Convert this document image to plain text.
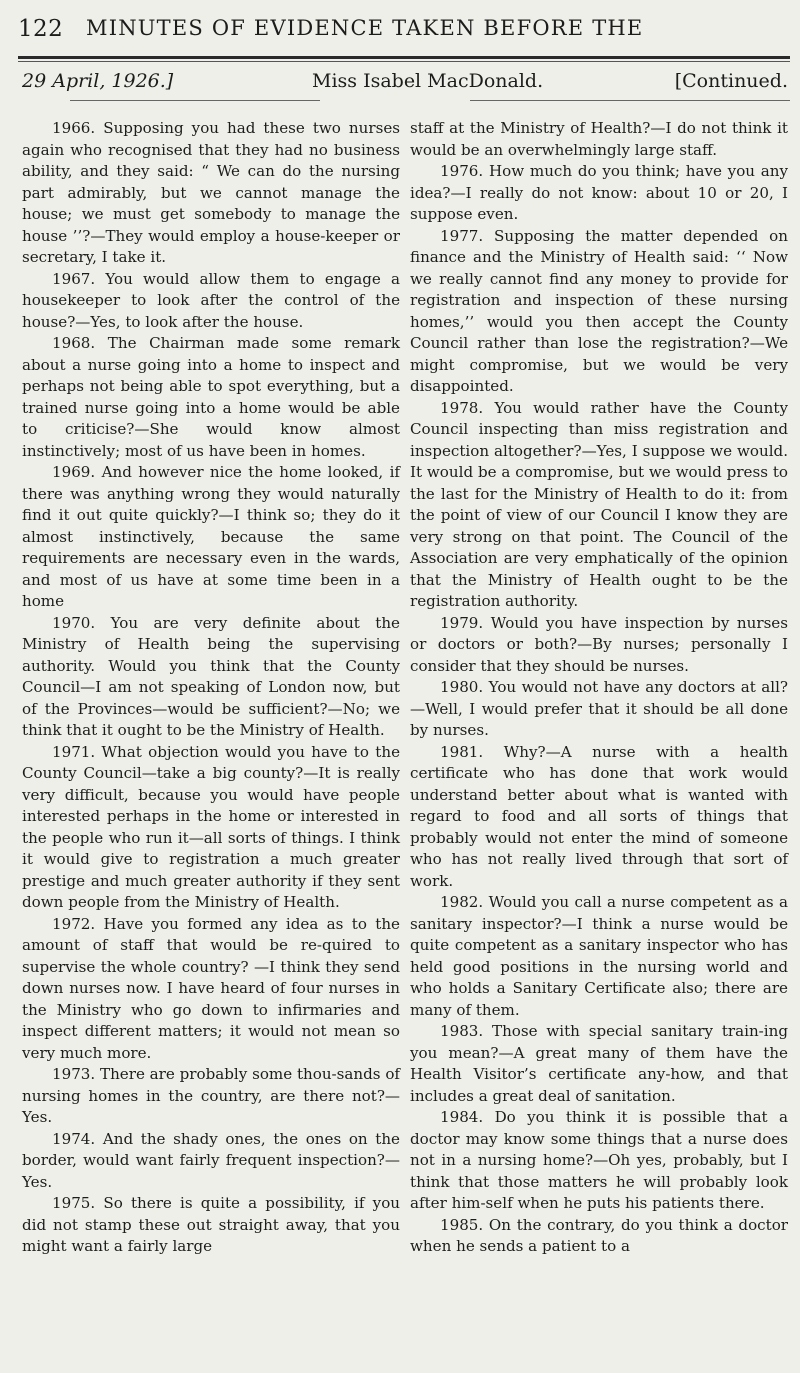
122 MINUTES OF EVIDENCE TAKEN BEFORE THE
29 April, 1926.]	Miss Isabel MacDonald.	[Continued.

1966. Supposing you had these two nurses again who recognised that they had no business ability, and they said: “ We can do the nursing part admirably, but we cannot manage the house; we must get somebody to manage the house ’’?—They would employ a house-keeper or secretary, I take it.

1967. You would allow them to engage a housekeeper to look after the control of the house?—Yes, to look after the house.

1968. The Chairman made some remark about a nurse going into a home to inspect and perhaps not being able to spot everything, but a trained nurse going into a home would be able to criticise?—She would know almost instinctively; most of us have been in homes.

1969. And however nice the home looked, if there was anything wrong they would naturally find it out quite quickly?—I think so; they do it almost instinctively, because the same requirements are necessary even in the wards, and most of us have at some time been in a home

1970. You are very definite about the Ministry of Health being the supervising authority. Would you think that the County Council—I am not speaking of London now, but of the Provinces—would be sufficient?—No; we think that it ought to be the Ministry of Health.

1971. What objection would you have to the County Council—take a big county?—It is really very difficult, because you would have people interested perhaps in the home or interested in the people who run it—all sorts of things. I think it would give to registration a much greater prestige and much greater authority if they sent down people from the Ministry of Health.

1972. Have you formed any idea as to the amount of staff that would be re-quired to supervise the whole country? —I think they send down nurses now. I have heard of four nurses in the Ministry who go down to infirmaries and inspect different matters; it would not mean so very much more.

1973. There are probably some thou-sands of nursing homes in the country, are there not?—Yes.

1974. And the shady ones, the ones on the border, would want fairly frequent inspection?—Yes.

1975. So there is quite a possibility, if you did not stamp these out straight away, that you might want a fairly large

staff at the Ministry of Health?—I do not think it would be an overwhelmingly large staff.

1976. How much do you think; have you any idea?—I really do not know: about 10 or 20, I suppose even.

1977. Supposing the matter depended on finance and the Ministry of Health said: ‘‘ Now we really cannot find any money to provide for registration and inspection of these nursing homes,’’ would you then accept the County Council rather than lose the registration?—We might compromise, but we would be very disappointed.

1978. You would rather have the County Council inspecting than miss registration and inspection altogether?—Yes, I suppose we would. It would be a compromise, but we would press to the last for the Ministry of Health to do it: from the point of view of our Council I know they are very strong on that point. The Council of the Association are very emphatically of the opinion that the Ministry of Health ought to be the registration authority.

1979. Would you have inspection by nurses or doctors or both?—By nurses; personally I consider that they should be nurses.

1980. You would not have any doctors at all?—Well, I would prefer that it should be all done by nurses.

1981. Why?—A nurse with a health certificate who has done that work would understand better about what is wanted with regard to food and all sorts of things that probably would not enter the mind of someone who has not really lived through that sort of work.

1982. Would you call a nurse competent as a sanitary inspector?—I think a nurse would be quite competent as a sanitary inspector who has held good positions in the nursing world and who holds a Sanitary Certificate also; there are many of them.

1983. Those with special sanitary train-ing you mean?—A great many of them have the Health Visitor’s certificate any-how, and that includes a great deal of sanitation.

1984. Do you think it is possible that a doctor may know some things that a nurse does not in a nursing home?—Oh yes, probably, but I think that those matters he will probably look after him-self when he puts his patients there.

1985. On the contrary, do you think a doctor when he sends a patient to a
